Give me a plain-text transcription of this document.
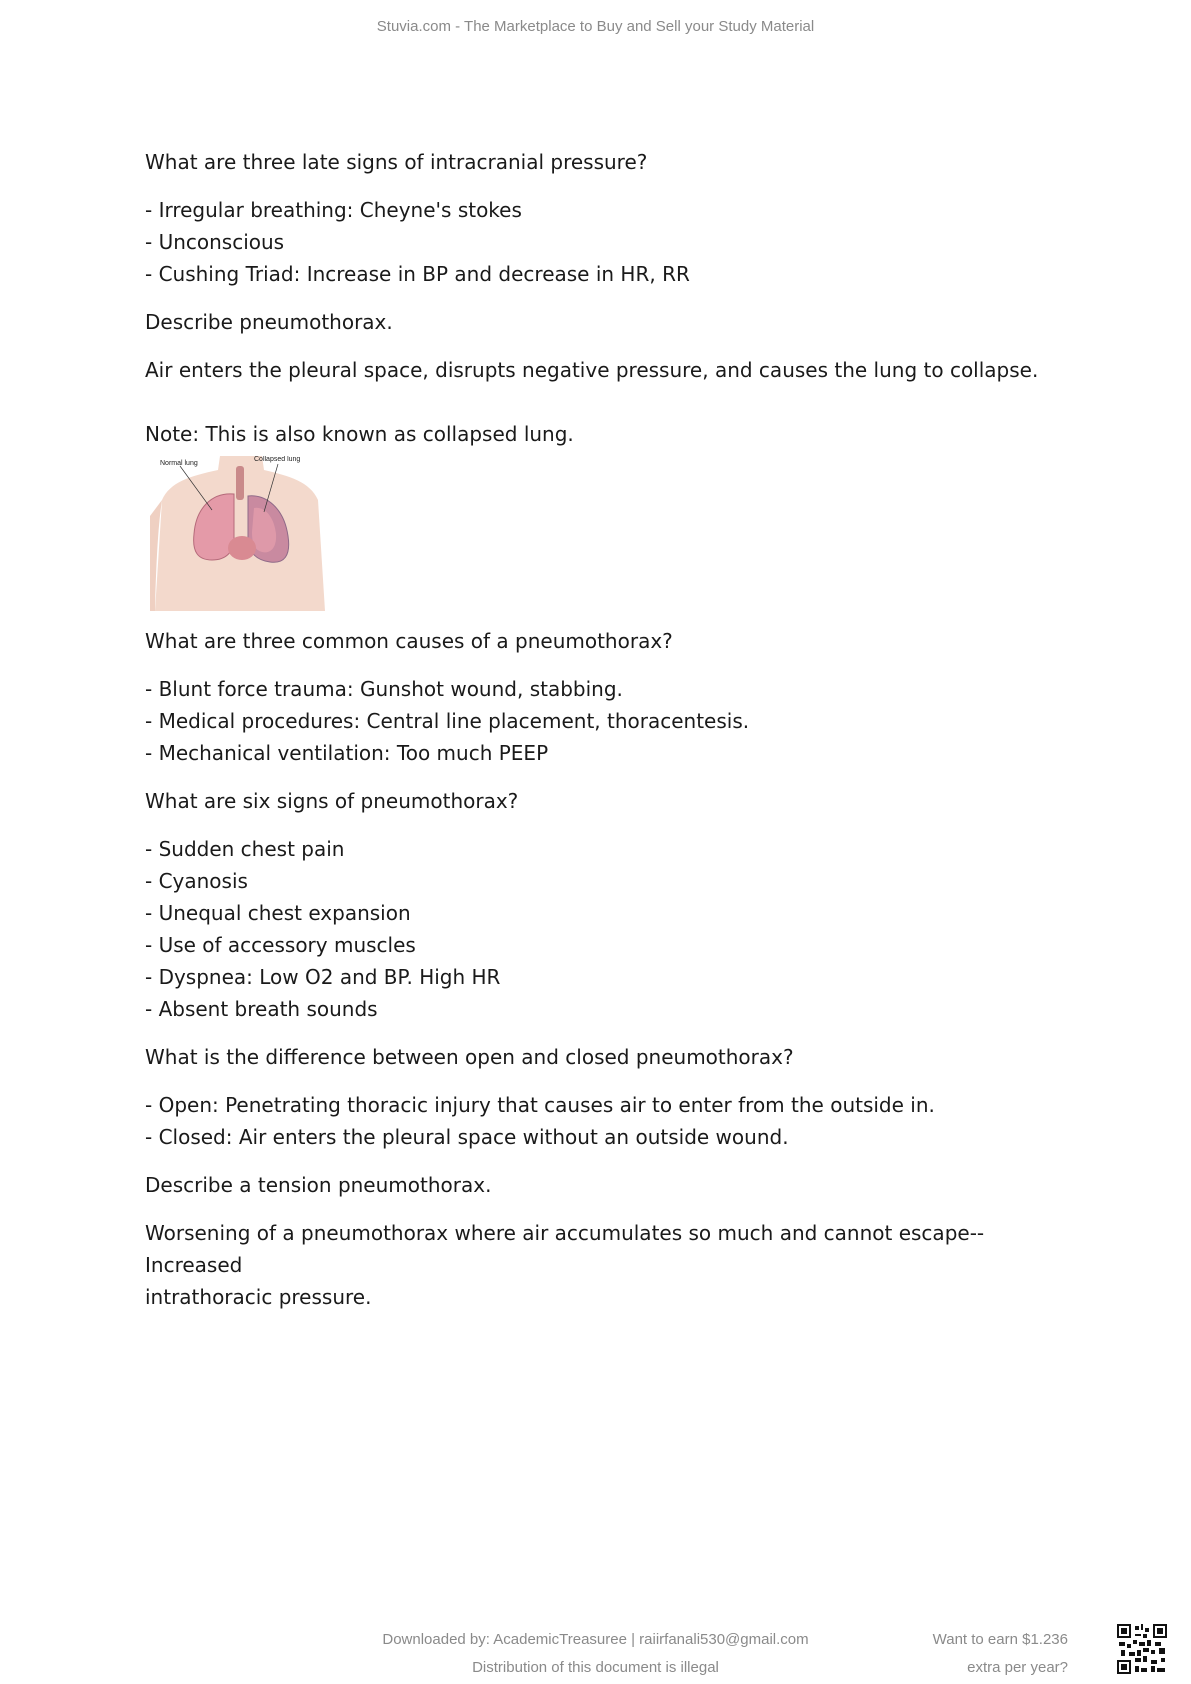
Stuvia.com - The Marketplace to Buy and Sell your Study Material
What are three late signs of intracranial pressure?
- Irregular breathing: Cheyne's stokes
- Unconscious
- Cushing Triad: Increase in BP and decrease in HR, RR
Describe pneumothorax.
Air enters the pleural space, disrupts negative pressure, and causes the lung to collapse.
Note: This is also known as collapsed lung.
Normal lung
Collapsed lung
What are three common causes of a pneumothorax?
- Blunt force trauma: Gunshot wound, stabbing.
- Medical procedures: Central line placement, thoracentesis.
- Mechanical ventilation: Too much PEEP
What are six signs of pneumothorax?
- Sudden chest pain
- Cyanosis
- Unequal chest expansion
- Use of accessory muscles
- Dyspnea: Low O2 and BP. High HR
- Absent breath sounds
What is the difference between open and closed pneumothorax?
- Open: Penetrating thoracic injury that causes air to enter from the outside in.
- Closed: Air enters the pleural space without an outside wound.
Describe a tension pneumothorax.
Worsening of a pneumothorax where air accumulates so much and cannot escape-- Increased
intrathoracic pressure.
Downloaded by: AcademicTreasuree | raiirfanali530@gmail.com
Distribution of this document is illegal
Want to earn $1.236
extra per year?
